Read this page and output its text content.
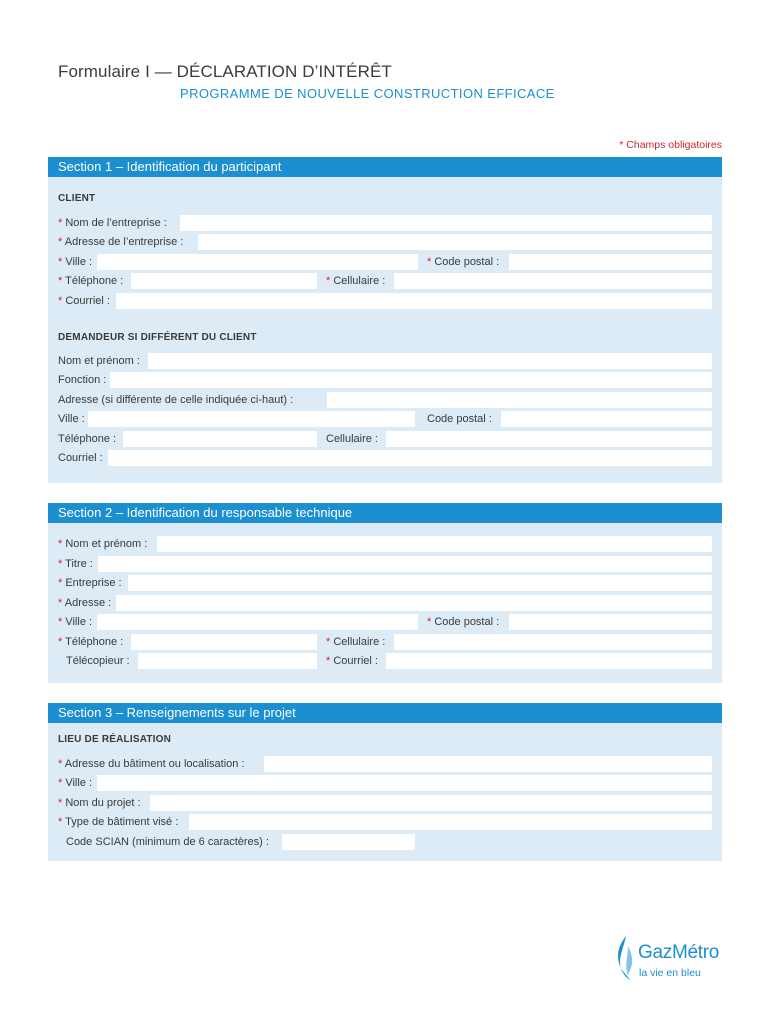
Formulaire I — DÉCLARATION D’INTÉRÊT
PROGRAMME DE NOUVELLE CONSTRUCTION EFFICACE
* Champs obligatoires
Section 1 – Identification du participant
CLIENT
* Nom de l’entreprise :
* Adresse de l’entreprise :
* Ville :	* Code postal :
* Téléphone :	* Cellulaire :
* Courriel :
DEMANDEUR SI DIFFÉRENT DU CLIENT
Nom et prénom :
Fonction :
Adresse (si différente de celle indiquée ci-haut) :
Ville :	Code postal :
Téléphone :	Cellulaire :
Courriel :
Section 2 – Identification du responsable technique
* Nom et prénom :
* Titre :
* Entreprise :
* Adresse :
* Ville :	* Code postal :
* Téléphone :	* Cellulaire :
Télécopieur :	* Courriel :
Section 3 – Renseignements sur le projet
LIEU DE RÉALISATION
* Adresse du bâtiment ou localisation :
* Ville :
* Nom du projet :
* Type de bâtiment visé :
Code SCIAN (minimum de 6 caractères) :
GazMétro
la vie en bleu
